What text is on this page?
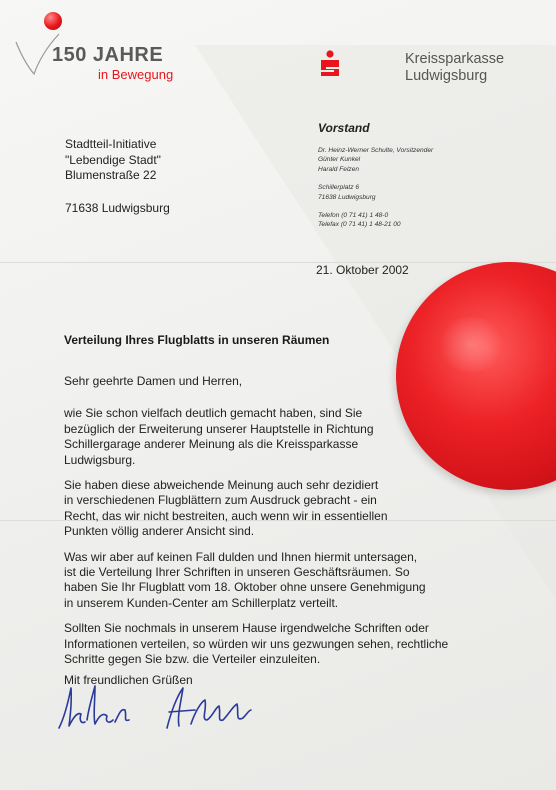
150 JAHRE
in Bewegung
Kreissparkasse
Ludwigsburg
Stadtteil-Initiative
"Lebendige Stadt"
Blumenstraße 22
71638 Ludwigsburg
Vorstand
Dr. Heinz-Werner Schulte, Vorsitzender
Günter Kunkel
Harald Felzen
Schillerplatz 6
71638 Ludwigsburg
Telefon (0 71 41) 1 48-0
Telefax (0 71 41) 1 48-21 00
21. Oktober 2002
Verteilung Ihres Flugblatts in unseren Räumen

Sehr geehrte Damen und Herren,

wie Sie schon vielfach deutlich gemacht haben, sind Sie
bezüglich der Erweiterung unserer Hauptstelle in Richtung
Schillergarage anderer Meinung als die Kreissparkasse
Ludwigsburg.

Sie haben diese abweichende Meinung auch sehr dezidiert
in verschiedenen Flugblättern zum Ausdruck gebracht - ein
Recht, das wir nicht bestreiten, auch wenn wir in essentiellen
Punkten völlig anderer Ansicht sind.

Was wir aber auf keinen Fall dulden und Ihnen hiermit untersagen,
ist die Verteilung Ihrer Schriften in unseren Geschäftsräumen. So
haben Sie Ihr Flugblatt vom 18. Oktober ohne unsere Genehmigung
in unserem Kunden-Center am Schillerplatz verteilt.

Sollten Sie nochmals in unserem Hause irgendwelche Schriften oder
Informationen verteilen, so würden wir uns gezwungen sehen, rechtliche
Schritte gegen Sie bzw. die Verteiler einzuleiten.

Mit freundlichen Grüßen
